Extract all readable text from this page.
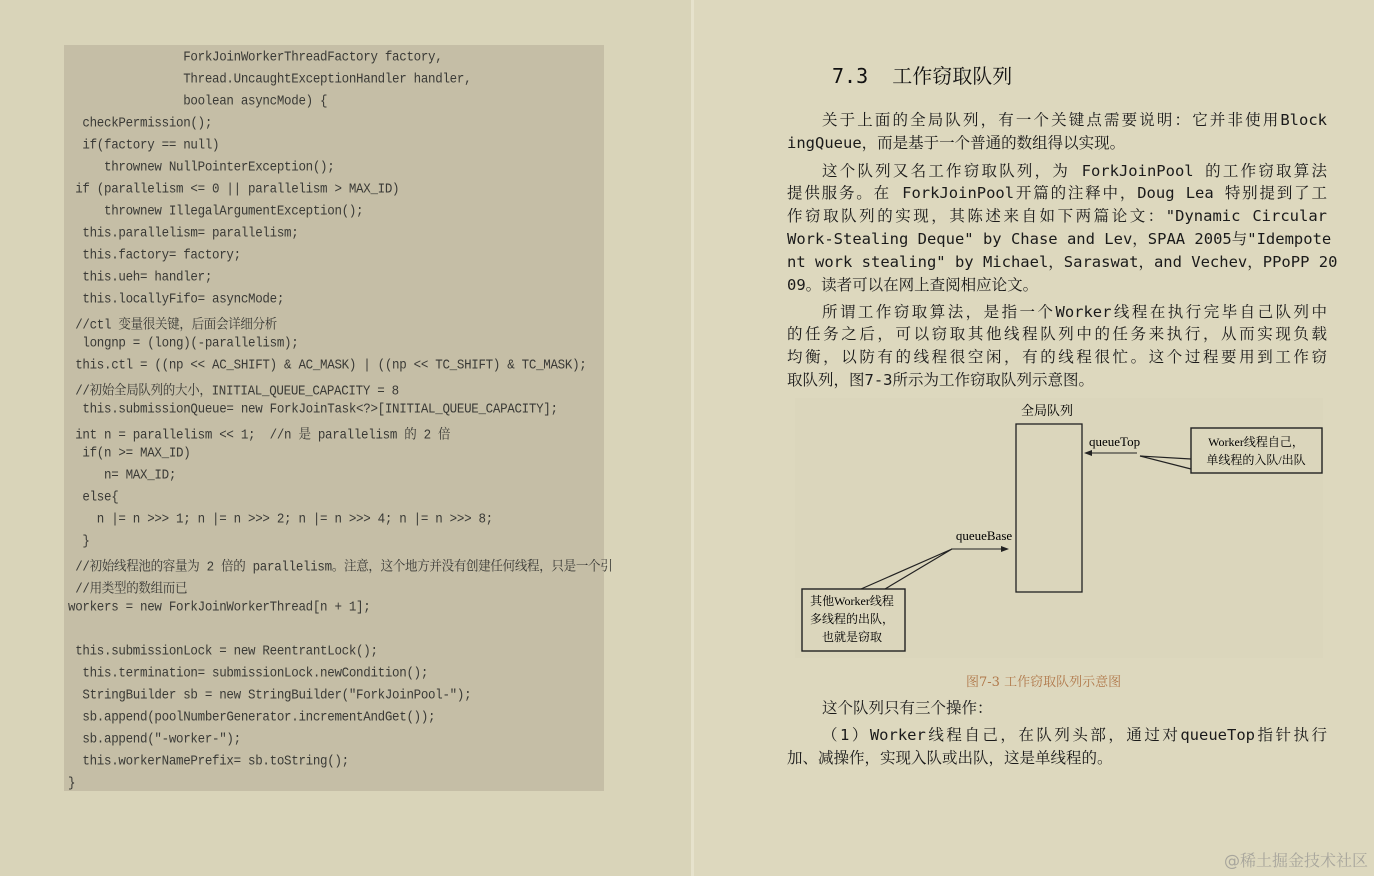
ForkJoinWorkerThreadFactory factory,
Thread.UncaughtExceptionHandler handler,
boolean asyncMode) {
checkPermission();
if(factory == null)
thrownew NullPointerException();
if (parallelism <= 0 || parallelism > MAX_ID)
thrownew IllegalArgumentException();
this.parallelism= parallelism;
this.factory= factory;
this.ueh= handler;
this.locallyFifo= asyncMode;
//ctl 变量很关键，后面会详细分析
longnp = (long)(-parallelism);
this.ctl = ((np << AC_SHIFT) & AC_MASK) | ((np << TC_SHIFT) & TC_MASK);
//初始全局队列的大小，INITIAL_QUEUE_CAPACITY = 8
this.submissionQueue= new ForkJoinTask<?>[INITIAL_QUEUE_CAPACITY];
int n = parallelism << 1;  //n 是 parallelism 的 2 倍
if(n >= MAX_ID)
n= MAX_ID;
else{
n |= n >>> 1; n |= n >>> 2; n |= n >>> 4; n |= n >>> 8;
}
//初始线程池的容量为 2 倍的 parallelism。注意，这个地方并没有创建任何线程，只是一个引
//用类型的数组而已
workers = new ForkJoinWorkerThread[n + 1];
this.submissionLock = new ReentrantLock();
this.termination= submissionLock.newCondition();
StringBuilder sb = new StringBuilder("ForkJoinPool-");
sb.append(poolNumberGenerator.incrementAndGet());
sb.append("-worker-");
this.workerNamePrefix= sb.toString();
}
7.3  工作窃取队列
关于上面的全局队列，有一个关键点需要说明：它并非使用Block
ingQueue，而是基于一个普通的数组得以实现。
这个队列又名工作窃取队列，为 ForkJoinPool 的工作窃取算法
提供服务。在 ForkJoinPool开篇的注释中，Doug Lea 特别提到了工
作窃取队列的实现，其陈述来自如下两篇论文："Dynamic Circular
Work-Stealing Deque" by Chase and Lev，SPAA 2005与"Idempote
nt work stealing" by Michael，Saraswat，and Vechev，PPoPP 20
09。读者可以在网上查阅相应论文。
所谓工作窃取算法，是指一个Worker线程在执行完毕自己队列中
的任务之后，可以窃取其他线程队列中的任务来执行，从而实现负载
均衡，以防有的线程很空闲，有的线程很忙。这个过程要用到工作窃
取队列，图7-3所示为工作窃取队列示意图。
全局队列
queueTop	Worker线程自己，
单线程的入队/出队
queueBase
其他Worker线程
多线程的出队，
也就是窃取
图7-3 工作窃取队列示意图
这个队列只有三个操作：
（1）Worker线程自己，在队列头部，通过对queueTop指针执行
加、减操作，实现入队或出队，这是单线程的。
@稀土掘金技术社区
